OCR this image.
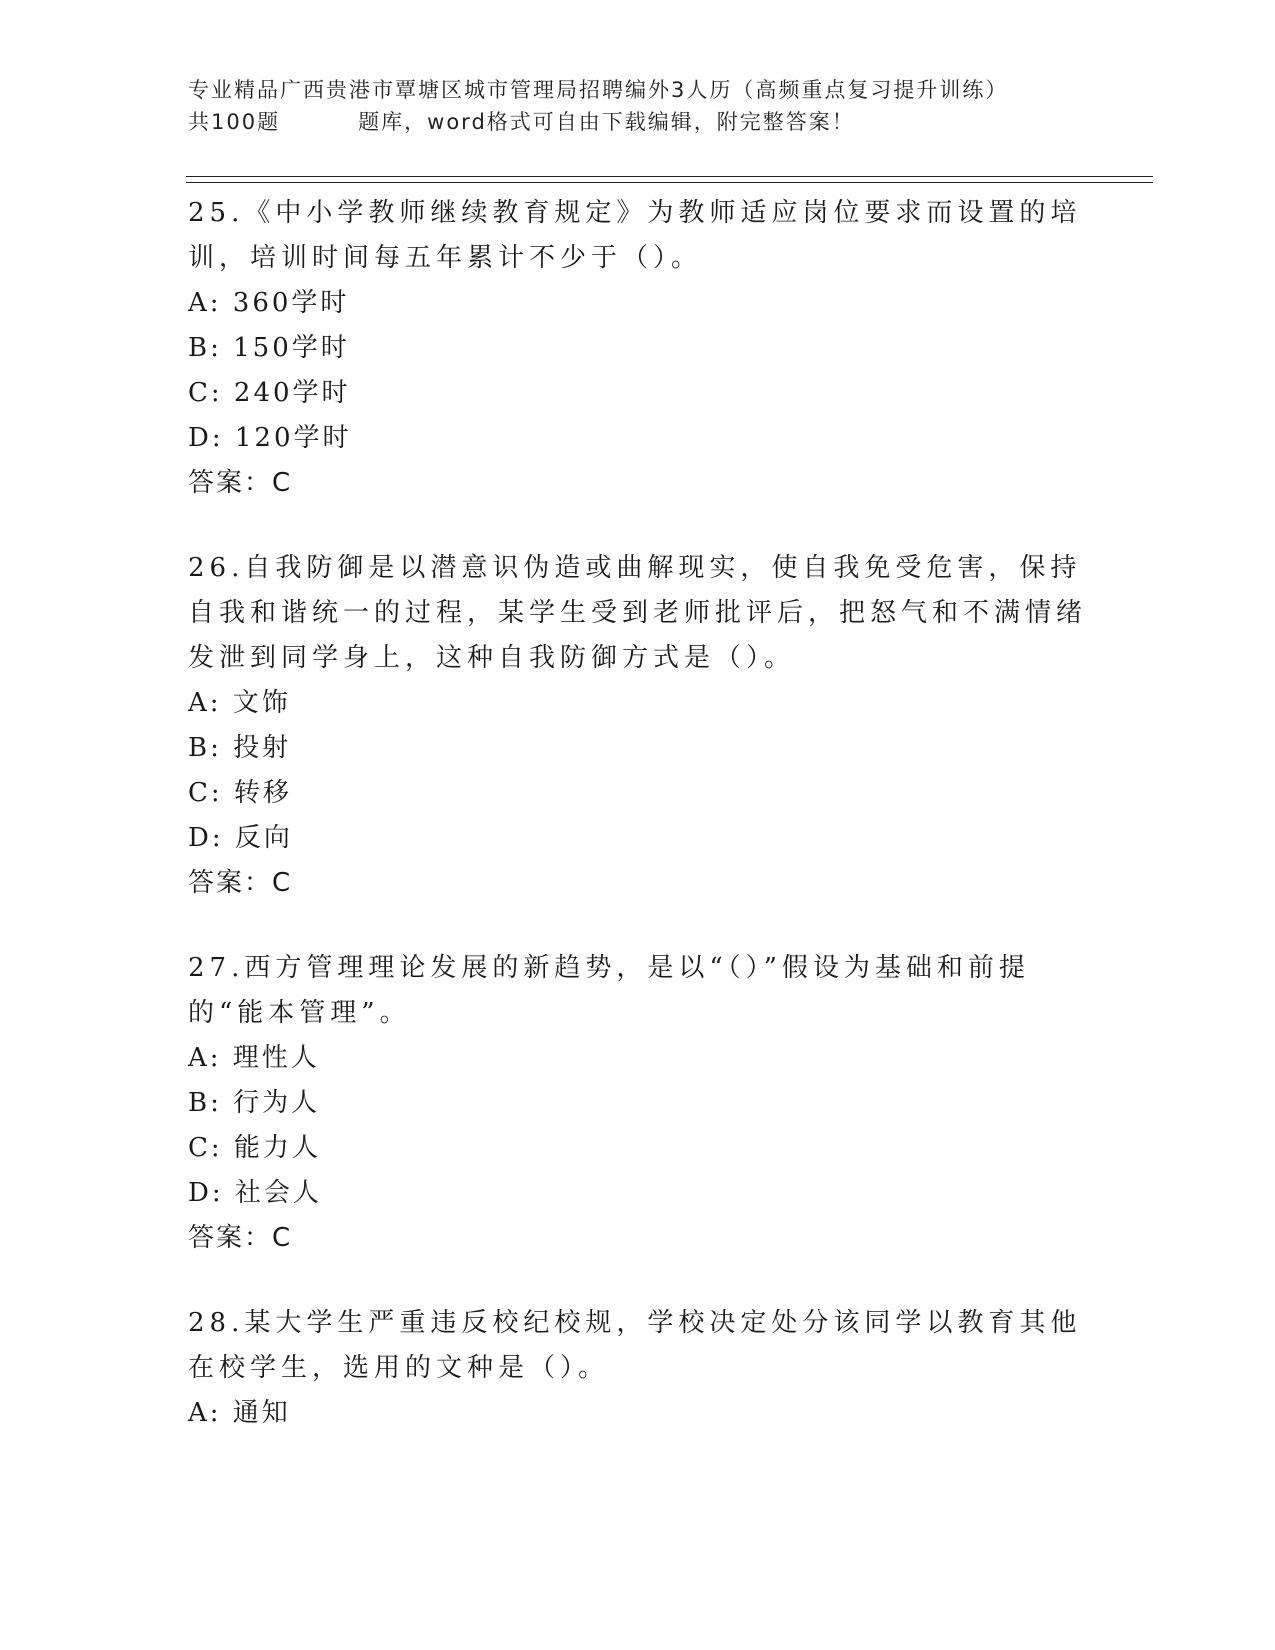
专业精品广西贵港市覃塘区城市管理局招聘编外3人历（高频重点复习提升训练）
共100题         题库，word格式可自由下载编辑，附完整答案！

25.《中小学教师继续教育规定》为教师适应岗位要求而设置的培训，培训时间每五年累计不少于（）。

A: 360学时

B: 150学时

C: 240学时

D: 120学时

答案：C

26.自我防御是以潜意识伪造或曲解现实，使自我免受危害，保持自我和谐统一的过程，某学生受到老师批评后，把怒气和不满情绪发泄到同学身上，这种自我防御方式是（）。

A: 文饰

B: 投射

C: 转移

D: 反向

答案：C

27.西方管理理论发展的新趋势，是以“（）”假设为基础和前提的“能本管理”。

A: 理性人

B: 行为人

C: 能力人

D: 社会人

答案：C

28.某大学生严重违反校纪校规，学校决定处分该同学以教育其他在校学生，选用的文种是（）。

A: 通知
